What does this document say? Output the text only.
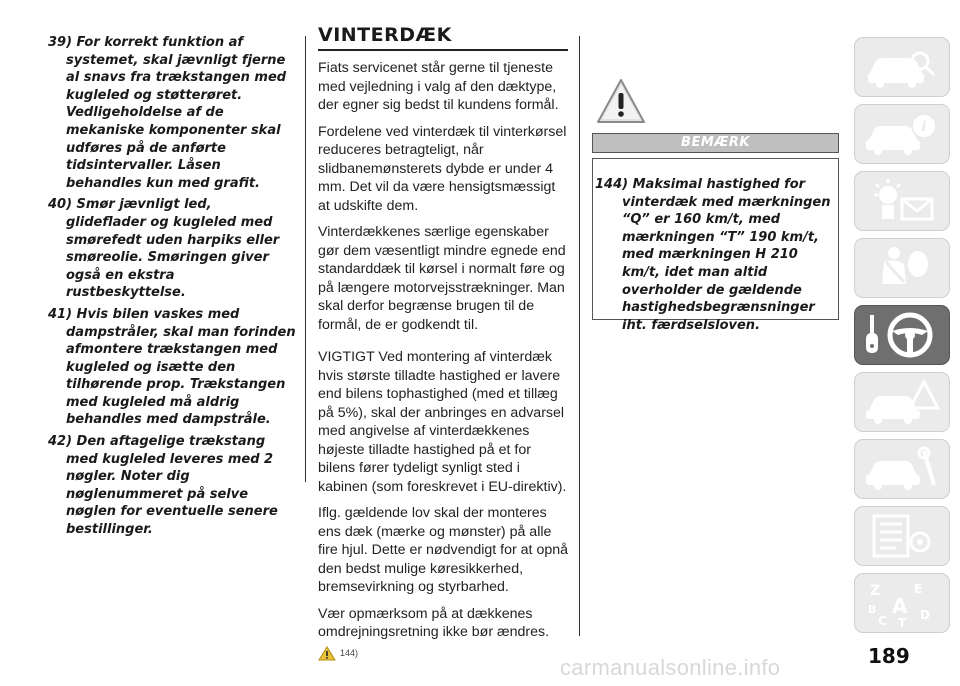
39) For korrekt funktion af systemet, skal jævnligt fjerne al snavs fra trækstangen med kugleled og støtterøret. Vedligeholdelse af de mekaniske komponenter skal udføres på de anførte tidsintervaller. Låsen behandles kun med grafit.

40) Smør jævnligt led, glideflader og kugleled med smørefedt uden harpiks eller smøreolie. Smøringen giver også en ekstra rustbeskyttelse.

41) Hvis bilen vaskes med dampstråler, skal man forinden afmontere trækstangen med kugleled og isætte den tilhørende prop. Trækstangen med kugleled må aldrig behandles med dampstråle.

42) Den aftagelige trækstang med kugleled leveres med 2 nøgler. Noter dig nøglenummeret på selve nøglen for eventuelle senere bestillinger.

VINTERDÆK

Fiats servicenet står gerne til tjeneste med vejledning i valg af den dæktype, der egner sig bedst til kundens formål.

Fordelene ved vinterdæk til vinterkørsel reduceres betragteligt, når slidbanemønsterets dybde er under 4 mm. Det vil da være hensigtsmæssigt at udskifte dem.

Vinterdækkenes særlige egenskaber gør dem væsentligt mindre egnede end standarddæk til kørsel i normalt føre og på længere motorvejsstrækninger. Man skal derfor begrænse brugen til de formål, de er godkendt til.

VIGTIGT Ved montering af vinterdæk hvis største tilladte hastighed er lavere end bilens tophastighed (med et tillæg på 5%), skal der anbringes en advarsel med angivelse af vinterdækkenes højeste tilladte hastighed på et for bilens fører tydeligt synligt sted i kabinen (som foreskrevet i EU-direktiv).

Iflg. gældende lov skal der monteres ens dæk (mærke og mønster) på alle fire hjul. Dette er nødvendigt for at opnå den bedst mulige køresikkerhed, bremsevirkning og styrbarhed.

Vær opmærksom på at dækkenes omdrejningsretning ikke bør ændres.

144)
BEMÆRK

144) Maksimal hastighed for vinterdæk med mærkningen “Q” er 160 km/t, med mærkningen “T” 190 km/t, med mærkningen H 210 km/t, idet man altid overholder de gældende hastighedsbegrænsninger iht. færdselsloven.

i
Z	E
A
B	D
C T
189
carmanualsonline.info
